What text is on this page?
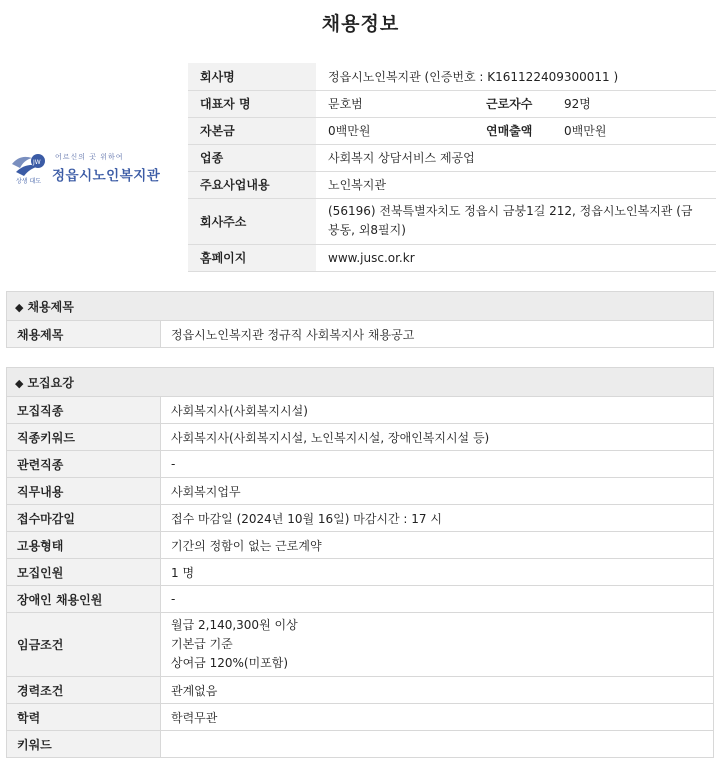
채용정보
JW
어르신의 곳 위하여
정읍시노인복지관
상생 대도
회사명	정읍시노인복지관 (인증번호 : K161122409300011 )		
대표자 명	문호범	근로자수	92명
자본금	0백만원	연매출액	0백만원
업종	사회복지 상담서비스 제공업		
주요사업내용	노인복지관		
회사주소	(56196) 전북특별자치도 정읍시 금붕1길 212, 정읍시노인복지관 (금붕동, 외8필지)		
홈페이지	www.jusc.or.kr		
◆ 채용제목
채용제목	정읍시노인복지관 정규직 사회복지사 채용공고
◆ 모집요강	
모집직종	사회복지사(사회복지시설)
직종키워드	사회복지사(사회복지시설, 노인복지시설, 장애인복지시설 등)
관련직종	-
직무내용	사회복지업무
접수마감일	접수 마감일 (2024년 10월 16일) 마감시간 : 17 시
고용형태	기간의 정함이 없는 근로계약
모집인원	1 명
장애인 채용인원	-
임금조건	월급 2,140,300원 이상
기본급 기준
상여금 120%(미포함)

경력조건	관계없음
학력	학력무관
키워드	
